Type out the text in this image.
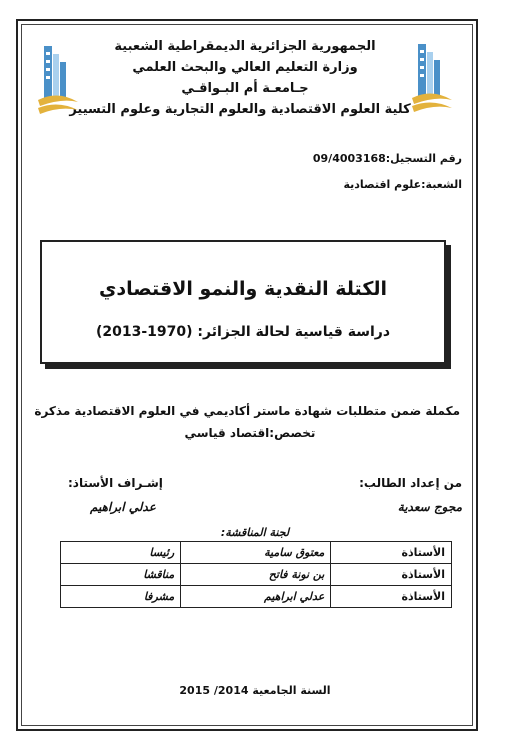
الجمهورية الجزائرية الديمقراطية الشعبية
وزارة التعليم العالي والبحث العلمي
جـامعـة أم البـواقـي
كلية العلوم الاقتصادية والعلوم التجارية وعلوم التسيير
رقم التسجيل:09/4003168
الشعبة:علوم اقتصادية
الكتلة النقدية والنمو الاقتصادي
دراسة قياسية لحالة الجزائر: (1970-2013)
مكملة ضمن متطلبات شهادة ماستر أكاديمي في العلوم الاقتصادية مذكرة
تخصص:اقتصاد قياسي
من إعداد الطالب:
إشـراف الأستاذ:
مجوج سعدية
عدلي ابراهيم
لجنة المناقشة:
الأستاذة	معتوق سامية	رئيسا
الأستاذة	بن نونة فاتح	مناقشا
الأستاذة	عدلي ابراهيم	مشرفا
السنة الجامعية 2014/ 2015
